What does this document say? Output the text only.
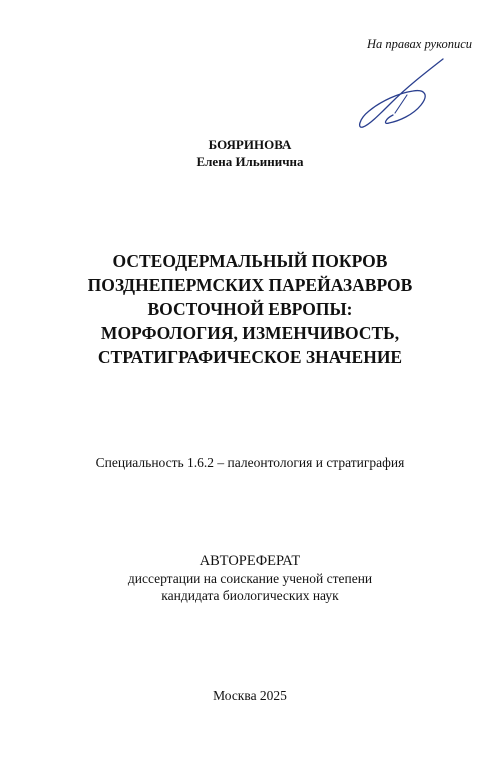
На правах рукописи
БОЯРИНОВА
Елена Ильинична
ОСТЕОДЕРМАЛЬНЫЙ ПОКРОВ
ПОЗДНЕПЕРМСКИХ ПАРЕЙАЗАВРОВ
ВОСТОЧНОЙ ЕВРОПЫ:
МОРФОЛОГИЯ, ИЗМЕНЧИВОСТЬ,
СТРАТИГРАФИЧЕСКОЕ ЗНАЧЕНИЕ
Специальность 1.6.2 – палеонтология и стратиграфия
АВТОРЕФЕРАТ
диссертации на соискание ученой степени
кандидата биологических наук
Москва 2025
